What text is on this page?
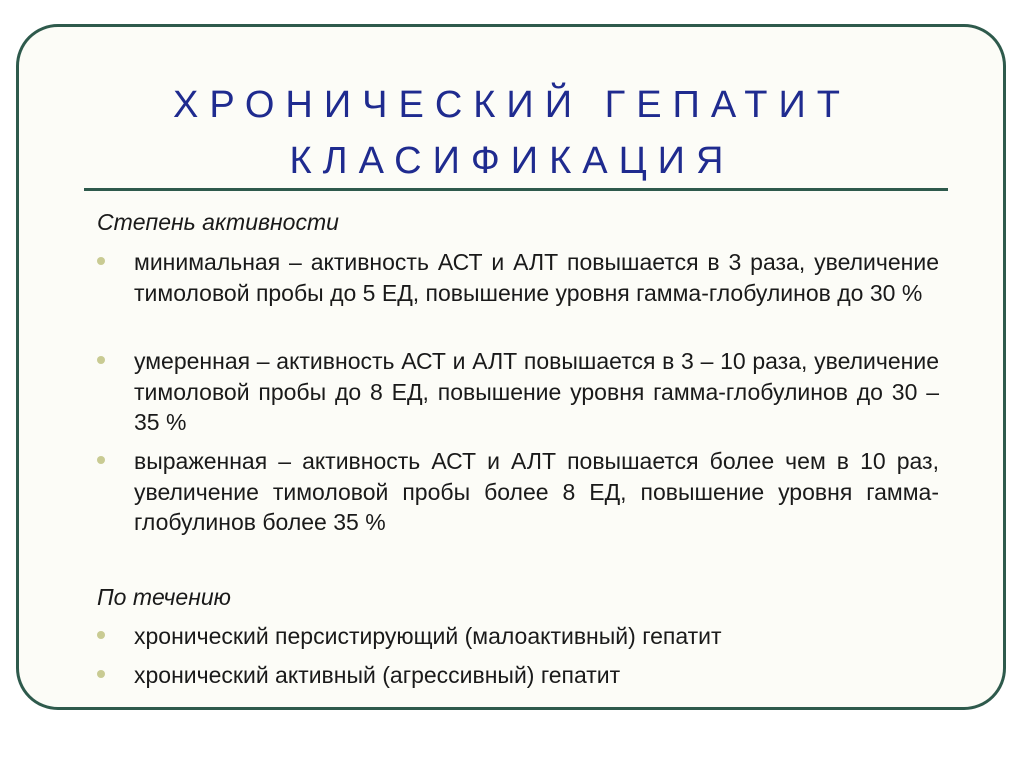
ХРОНИЧЕСКИЙ ГЕПАТИТ
КЛАСИФИКАЦИЯ
Степень активности
минимальная – активность АСТ и АЛТ повышается в 3 раза, увеличение тимоловой пробы до 5 ЕД, повышение уровня гамма-глобулинов до 30 %
умеренная – активность АСТ и АЛТ повышается в 3 – 10 раза, увеличение тимоловой пробы до 8 ЕД, повышение уровня гамма-глобулинов до 30 – 35 %
выраженная – активность АСТ и АЛТ повышается более чем в 10 раз, увеличение тимоловой пробы более 8 ЕД, повышение уровня гамма-глобулинов более 35 %
По течению
хронический персистирующий (малоактивный) гепатит
хронический активный (агрессивный) гепатит
